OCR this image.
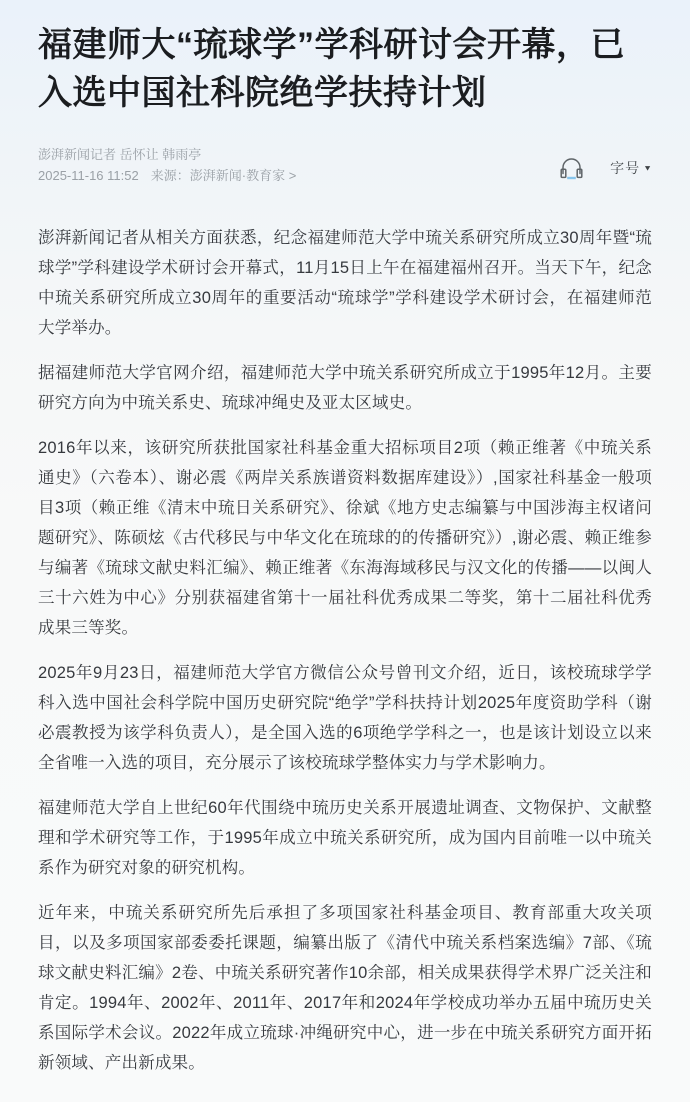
福建师大“琉球学”学科研讨会开幕，已入选中国社科院绝学扶持计划
澎湃新闻记者 岳怀让 韩雨亭
2025-11-16 11:52 来源：澎湃新闻·教育家 >	字号 ▼

澎湃新闻记者从相关方面获悉，纪念福建师范大学中琉关系研究所成立30周年暨“琉球学”学科建设学术研讨会开幕式，11月15日上午在福建福州召开。当天下午，纪念中琉关系研究所成立30周年的重要活动“琉球学”学科建设学术研讨会，在福建师范大学举办。

据福建师范大学官网介绍，福建师范大学中琉关系研究所成立于1995年12月。主要研究方向为中琉关系史、琉球冲绳史及亚太区域史。

2016年以来，该研究所获批国家社科基金重大招标项目2项（赖正维著《中琉关系通史》（六卷本）、谢必震《两岸关系族谱资料数据库建设》）,国家社科基金一般项目3项（赖正维《清末中琉日关系研究》、徐斌《地方史志编纂与中国涉海主权诸问题研究》、陈硕炫《古代移民与中华文化在琉球的的传播研究》）,谢必震、赖正维参与编著《琉球文献史料汇编》、赖正维著《东海海域移民与汉文化的传播——以闽人三十六姓为中心》分别获福建省第十一届社科优秀成果二等奖，第十二届社科优秀成果三等奖。

2025年9月23日，福建师范大学官方微信公众号曾刊文介绍，近日，该校琉球学学科入选中国社会科学院中国历史研究院“绝学”学科扶持计划2025年度资助学科（谢必震教授为该学科负责人），是全国入选的6项绝学学科之一，也是该计划设立以来全省唯一入选的项目，充分展示了该校琉球学整体实力与学术影响力。

福建师范大学自上世纪60年代围绕中琉历史关系开展遗址调查、文物保护、文献整理和学术研究等工作，于1995年成立中琉关系研究所，成为国内目前唯一以中琉关系作为研究对象的研究机构。

近年来，中琉关系研究所先后承担了多项国家社科基金项目、教育部重大攻关项目，以及多项国家部委委托课题，编纂出版了《清代中琉关系档案选编》7部、《琉球文献史料汇编》2卷、中琉关系研究著作10余部，相关成果获得学术界广泛关注和肯定。1994年、2002年、2011年、2017年和2024年学校成功举办五届中琉历史关系国际学术会议。2022年成立琉球·冲绳研究中心，进一步在中琉关系研究方面开拓新领域、产出新成果。
